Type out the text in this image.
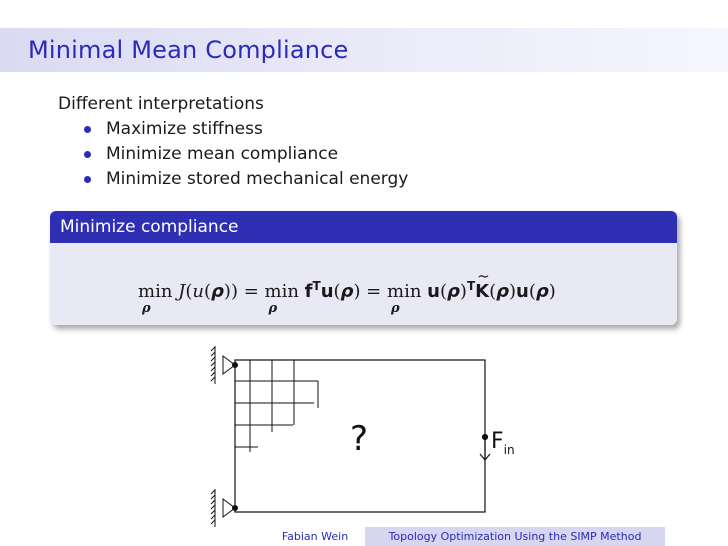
Minimal Mean Compliance
Different interpretations
Maximize stiffness
Minimize mean compliance
Minimize stored mechanical energy
Minimize compliance
min
ρ
J(u(ρ)) = min
ρ
$f^Tu(\rho) = \min$
ρ
$u(\rho)^T\sim$ K(ρ)u(ρ)
?	$F_{in}$
Fabian Wein	Topology Optimization Using the SIMP Method
